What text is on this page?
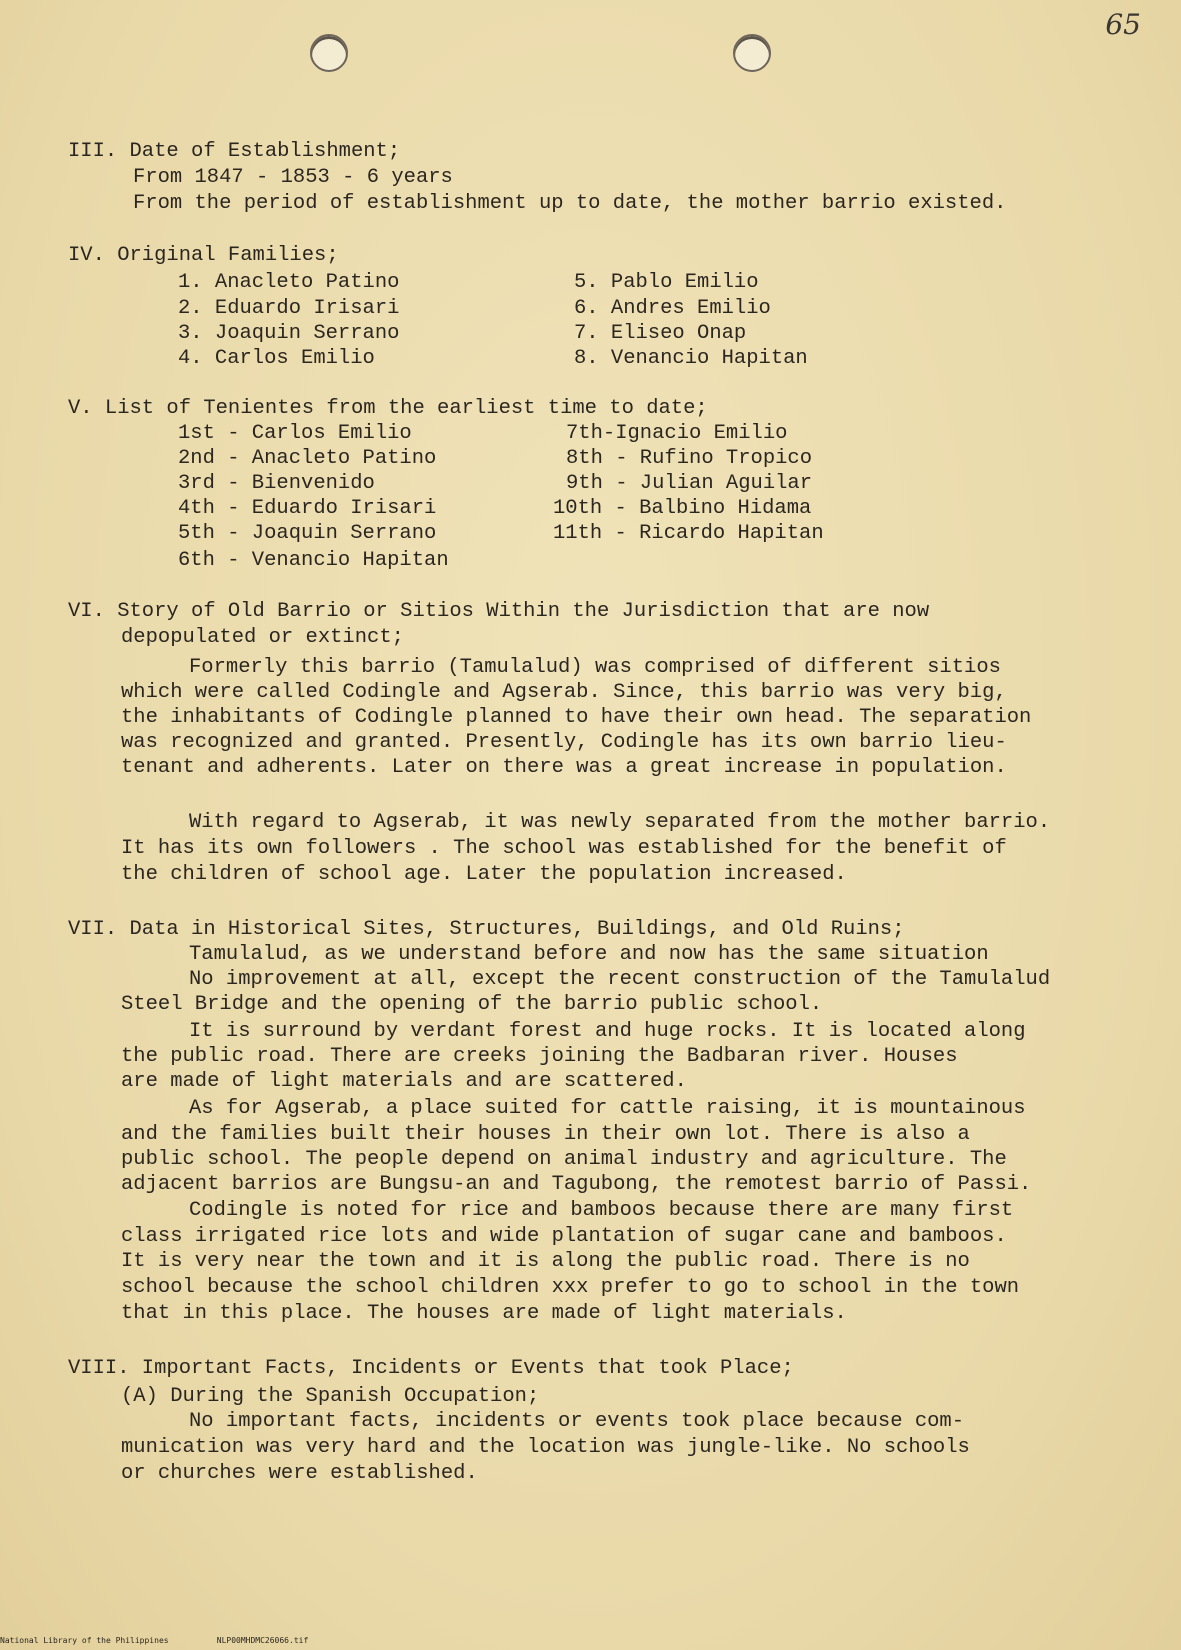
65
III. Date of Establishment;
From 1847 - 1853 - 6 years
From the period of establishment up to date, the mother barrio existed.
IV. Original Families;
1. Anacleto Patino
2. Eduardo Irisari
3. Joaquin Serrano
4. Carlos Emilio
5. Pablo Emilio
6. Andres Emilio
7. Eliseo Onap
8. Venancio Hapitan
V. List of Tenientes from the earliest time to date;
1st - Carlos Emilio
2nd - Anacleto Patino
3rd - Bienvenido
4th - Eduardo Irisari
5th - Joaquin Serrano
6th - Venancio Hapitan
7th-Ignacio Emilio
8th - Rufino Tropico
9th - Julian Aguilar
10th - Balbino Hidama
11th - Ricardo Hapitan
VI. Story of Old Barrio or Sitios Within the Jurisdiction that are now
depopulated or extinct;
Formerly this barrio (Tamulalud) was comprised of different sitios
which were called Codingle and Agserab. Since, this barrio was very big,
the inhabitants of Codingle planned to have their own head. The separation
was recognized and granted. Presently, Codingle has its own barrio lieu-
tenant and adherents. Later on there was a great increase in population.
With regard to Agserab, it was newly separated from the mother barrio.
It has its own followers . The school was established for the benefit of
the children of school age. Later the population increased.
VII. Data in Historical Sites, Structures, Buildings, and Old Ruins;
Tamulalud, as we understand before and now has the same situation
No improvement at all, except the recent construction of the Tamulalud
Steel Bridge and the opening of the barrio public school.
It is surround by verdant forest and huge rocks. It is located along
the public road. There are creeks joining the Badbaran river. Houses
are made of light materials and are scattered.
As for Agserab, a place suited for cattle raising, it is mountainous
and the families built their houses in their own lot. There is also a
public school. The people depend on animal industry and agriculture. The
adjacent barrios are Bungsu-an and Tagubong, the remotest barrio of Passi.
Codingle is noted for rice and bamboos because there are many first
class irrigated rice lots and wide plantation of sugar cane and bamboos.
It is very near the town and it is along the public road. There is no
school because the school children xxx prefer to go to school in the town
that in this place. The houses are made of light materials.
VIII. Important Facts, Incidents or Events that took Place;
(A) During the Spanish Occupation;
No important facts, incidents or events took place because com-
munication was very hard and the location was jungle-like. No schools
or churches were established.
National Library of the Philippines	NLP00MHDMC26066.tif
